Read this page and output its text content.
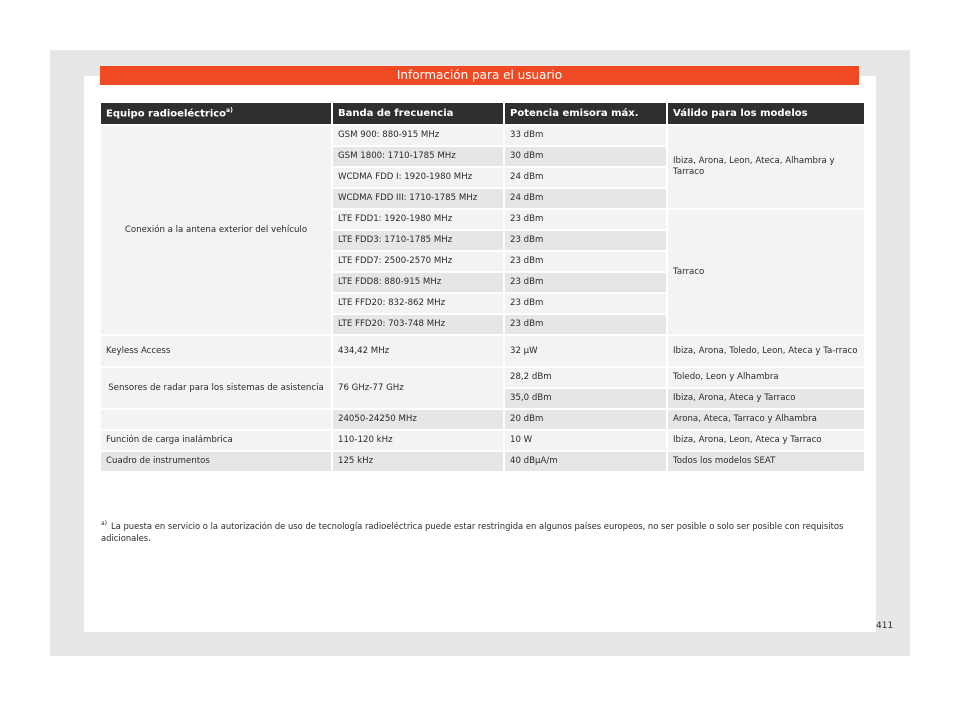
Información para el usuario
Equipo radioeléctrico$^{a)}$	Banda de frecuencia	Potencia emisora máx.	Válido para los modelos
Conexión a la antena exterior del vehículo	GSM 900: 880-915 MHz	33 dBm	Ibiza, Arona, Leon, Ateca, Alhambra y Tarraco
	GSM 1800: 1710-1785 MHz	30 dBm	
	WCDMA FDD I: 1920-1980 MHz	24 dBm	
	WCDMA FDD III: 1710-1785 MHz	24 dBm	
	LTE FDD1: 1920-1980 MHz	23 dBm	Tarraco
	LTE FDD3: 1710-1785 MHz	23 dBm	
	LTE FDD7: 2500-2570 MHz	23 dBm	
	LTE FDD8: 880-915 MHz	23 dBm	
	LTE FFD20: 832-862 MHz	23 dBm	
	LTE FFD20: 703-748 MHz	23 dBm	
Keyless Access	434,42 MHz	32 µW	Ibiza, Arona, Toledo, Leon, Ateca y Ta-rraco
Sensores de radar para los sistemas de asistencia	76 GHz-77 GHz	28,2 dBm	Toledo, Leon y Alhambra
		35,0 dBm	Ibiza, Arona, Ateca y Tarraco
	24050-24250 MHz	20 dBm	Arona, Ateca, Tarraco y Alhambra
Función de carga inalámbrica	110-120 kHz	10 W	Ibiza, Arona, Leon, Ateca y Tarraco
Cuadro de instrumentos	125 kHz	40 dBµA/m	Todos los modelos SEAT
$^{a)}$ La puesta en servicio o la autorización de uso de tecnología radioeléctrica puede estar restringida en algunos países europeos, no ser posible o solo ser posible con requisitos adicionales.
411
